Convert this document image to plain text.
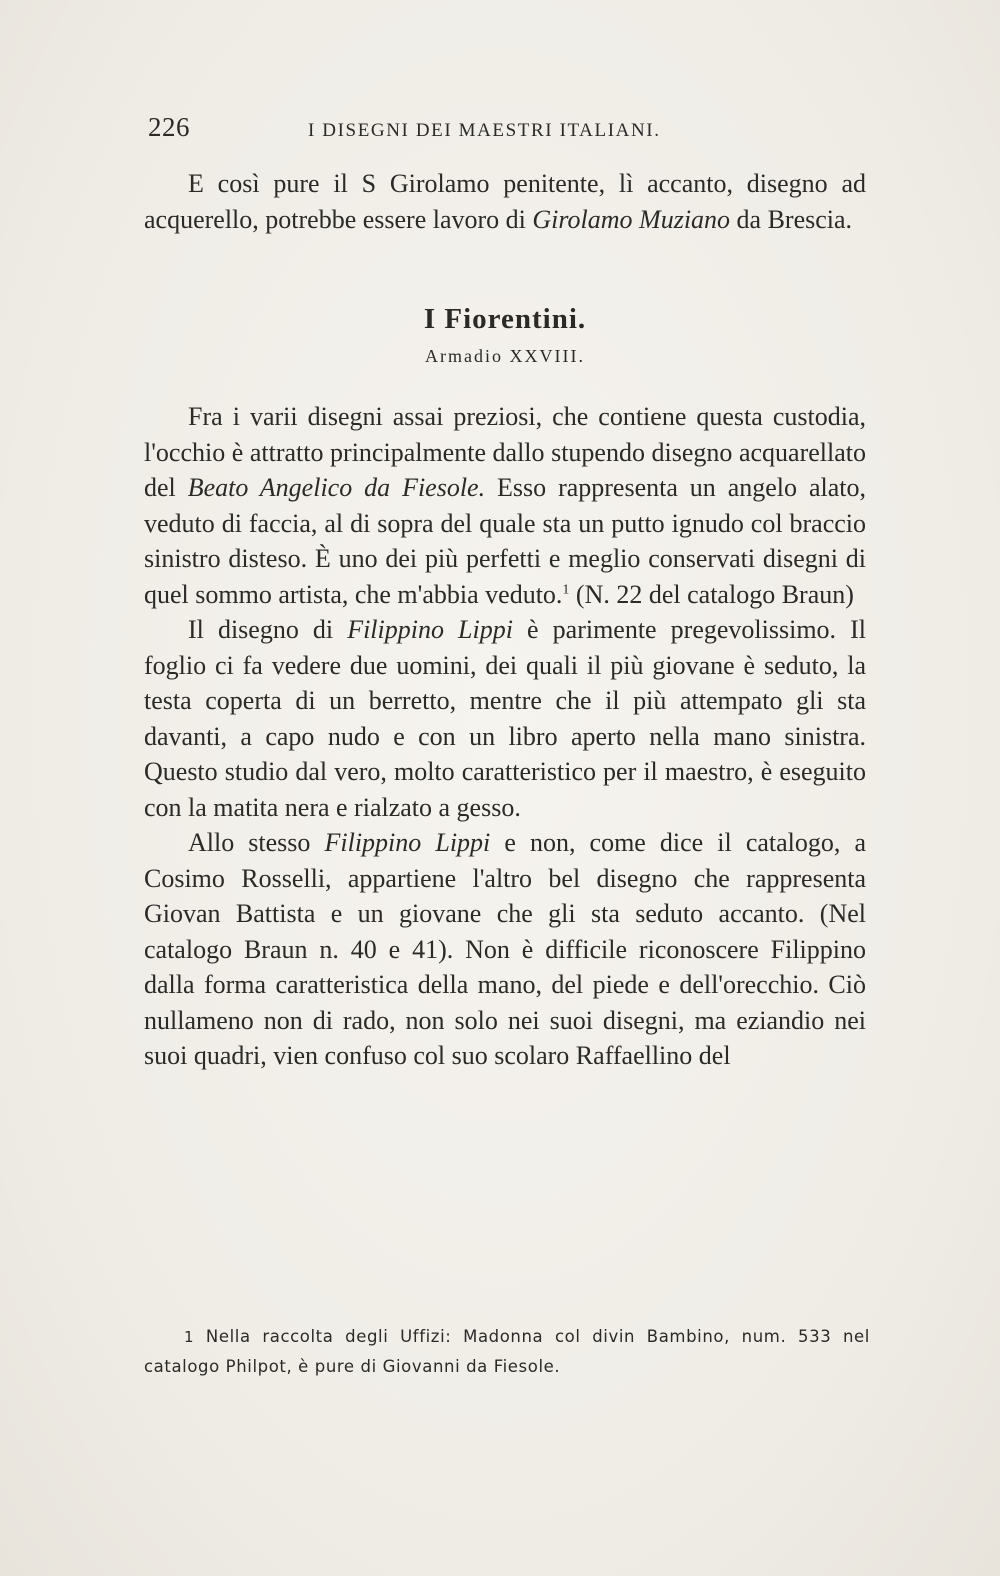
226	I DISEGNI DEI MAESTRI ITALIANI.

E così pure il S Girolamo penitente, lì accanto, disegno ad acquerello, potrebbe essere lavoro di Girolamo Muziano da Brescia.

I Fiorentini.
Armadio XXVIII.

Fra i varii disegni assai preziosi, che contiene questa custodia, l'occhio è attratto principalmente dallo stupendo disegno acquarellato del Beato Angelico da Fiesole. Esso rappresenta un angelo alato, veduto di faccia, al di sopra del quale sta un putto ignudo col braccio sinistro disteso. È uno dei più perfetti e meglio conservati disegni di quel sommo artista, che m'abbia veduto.$^1$ (N. 22 del catalogo Braun)

Il disegno di Filippino Lippi è parimente pregevolissimo. Il foglio ci fa vedere due uomini, dei quali il più giovane è seduto, la testa coperta di un berretto, mentre che il più attempato gli sta davanti, a capo nudo e con un libro aperto nella mano sinistra. Questo studio dal vero, molto caratteristico per il maestro, è eseguito con la matita nera e rialzato a gesso.

Allo stesso Filippino Lippi e non, come dice il catalogo, a Cosimo Rosselli, appartiene l'altro bel disegno che rappresenta Giovan Battista e un giovane che gli sta seduto accanto. (Nel catalogo Braun n. 40 e 41). Non è difficile riconoscere Filippino dalla forma caratteristica della mano, del piede e dell'orecchio. Ciò nullameno non di rado, non solo nei suoi disegni, ma eziandio nei suoi quadri, vien confuso col suo scolaro Raffaellino del

1 Nella raccolta degli Uffizi: Madonna col divin Bambino, num. 533 nel catalogo Philpot, è pure di Giovanni da Fiesole.
